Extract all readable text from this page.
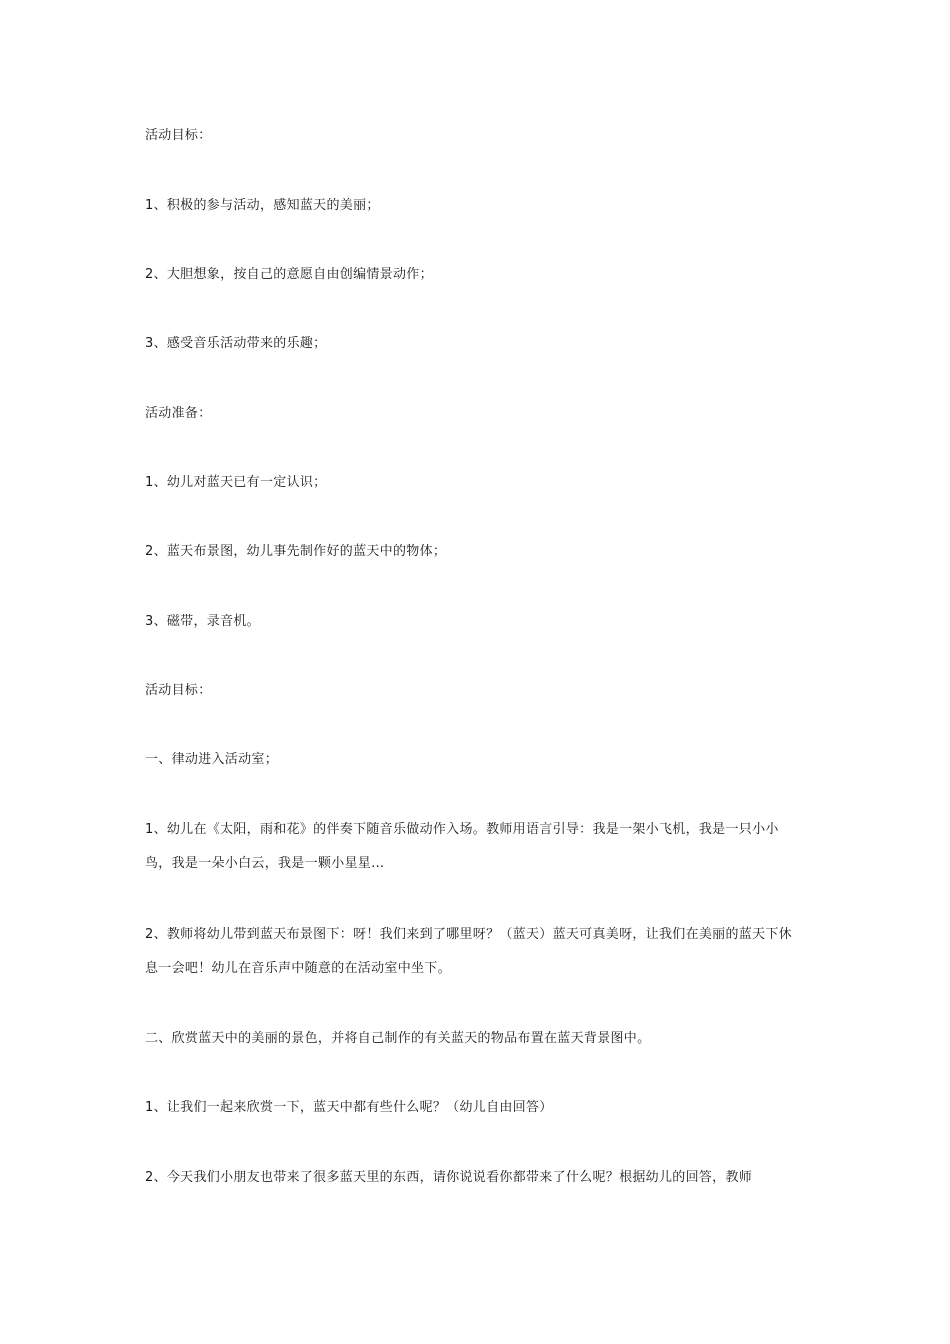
活动目标：

1、积极的参与活动，感知蓝天的美丽；

2、大胆想象，按自己的意愿自由创编情景动作；

3、感受音乐活动带来的乐趣；

活动准备：

1、幼儿对蓝天已有一定认识；

2、蓝天布景图，幼儿事先制作好的蓝天中的物体；

3、磁带，录音机。

活动目标：

一、律动进入活动室；

1、幼儿在《太阳，雨和花》的伴奏下随音乐做动作入场。教师用语言引导：我是一架小飞机，我是一只小小鸟，我是一朵小白云，我是一颗小星星…

2、教师将幼儿带到蓝天布景图下：呀！我们来到了哪里呀？（蓝天）蓝天可真美呀，让我们在美丽的蓝天下休息一会吧！幼儿在音乐声中随意的在活动室中坐下。

二、欣赏蓝天中的美丽的景色，并将自己制作的有关蓝天的物品布置在蓝天背景图中。

1、让我们一起来欣赏一下，蓝天中都有些什么呢？（幼儿自由回答）

2、今天我们小朋友也带来了很多蓝天里的东西，请你说说看你都带来了什么呢？根据幼儿的回答，教师
